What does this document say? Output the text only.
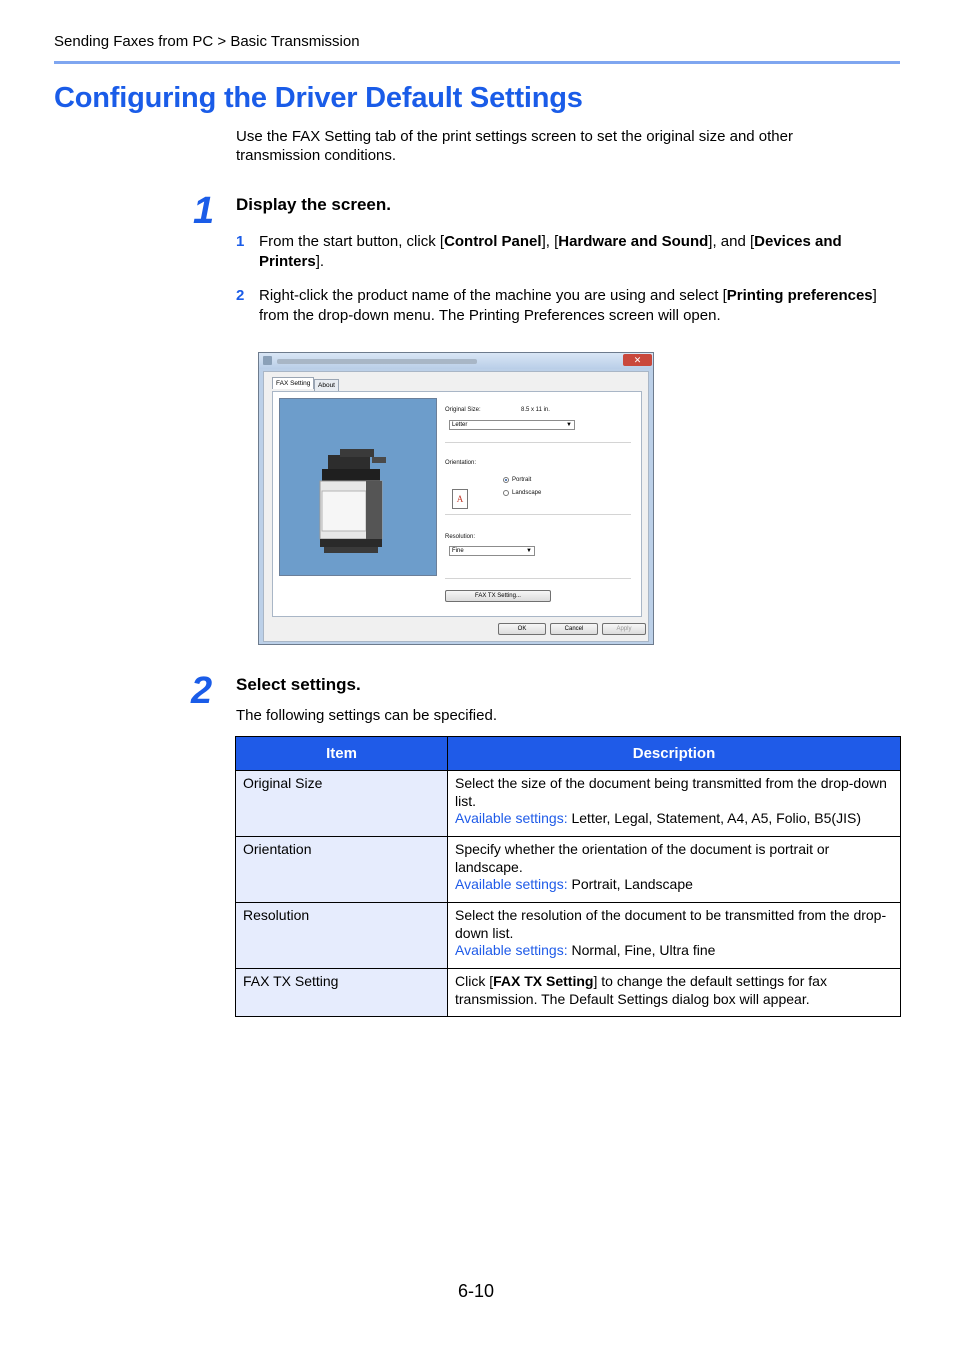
Sending Faxes from PC > Basic Transmission
Configuring the Driver Default Settings
Use the FAX Setting tab of the print settings screen to set the original size and other transmission conditions.
1 Display the screen.
1 From the start button, click [Control Panel], [Hardware and Sound], and [Devices and Printers].
2 Right-click the product name of the machine you are using and select [Printing preferences] from the drop-down menu. The Printing Preferences screen will open.
✕
FAX Setting	About
Original Size:	8.5 x 11 in.
Letter	▼
Orientation:
A
Portrait
Landscape
Resolution:
Fine	▼
FAX TX Setting...
OK	Cancel	Apply
2 Select settings.
The following settings can be specified.
Item	Description
Original Size	Select the size of the document being transmitted from the drop-down list.
Available settings: Letter, Legal, Statement, A4, A5, Folio, B5(JIS)
Orientation	Specify whether the orientation of the document is portrait or landscape.
Available settings: Portrait, Landscape
Resolution	Select the resolution of the document to be transmitted from the drop-down list.
Available settings: Normal, Fine, Ultra fine
FAX TX Setting	Click [FAX TX Setting] to change the default settings for fax transmission. The Default Settings dialog box will appear.
6-10
